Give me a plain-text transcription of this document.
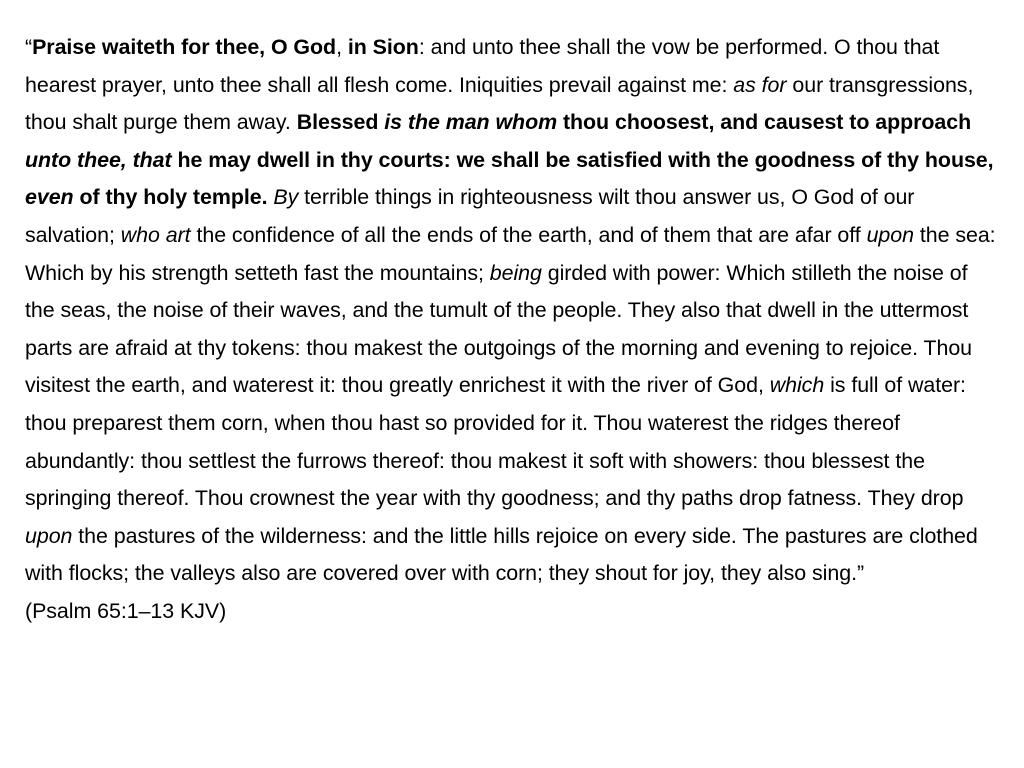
“Praise waiteth for thee, O God, in Sion: and unto thee shall the vow be performed. O thou that hearest prayer, unto thee shall all flesh come. Iniquities prevail against me: as for our transgressions, thou shalt purge them away. Blessed is the man whom thou choosest, and causest to approach unto thee, that he may dwell in thy courts: we shall be satisfied with the goodness of thy house, even of thy holy temple. By terrible things in righteousness wilt thou answer us, O God of our salvation; who art the confidence of all the ends of the earth, and of them that are afar off upon the sea: Which by his strength setteth fast the mountains; being girded with power: Which stilleth the noise of the seas, the noise of their waves, and the tumult of the people. They also that dwell in the uttermost parts are afraid at thy tokens: thou makest the outgoings of the morning and evening to rejoice. Thou visitest the earth, and waterest it: thou greatly enrichest it with the river of God, which is full of water: thou preparest them corn, when thou hast so provided for it. Thou waterest the ridges thereof abundantly: thou settlest the furrows thereof: thou makest it soft with showers: thou blessest the springing thereof. Thou crownest the year with thy goodness; and thy paths drop fatness. They drop upon the pastures of the wilderness: and the little hills rejoice on every side. The pastures are clothed with flocks; the valleys also are covered over with corn; they shout for joy, they also sing.”(Psalm 65:1–13 KJV)
